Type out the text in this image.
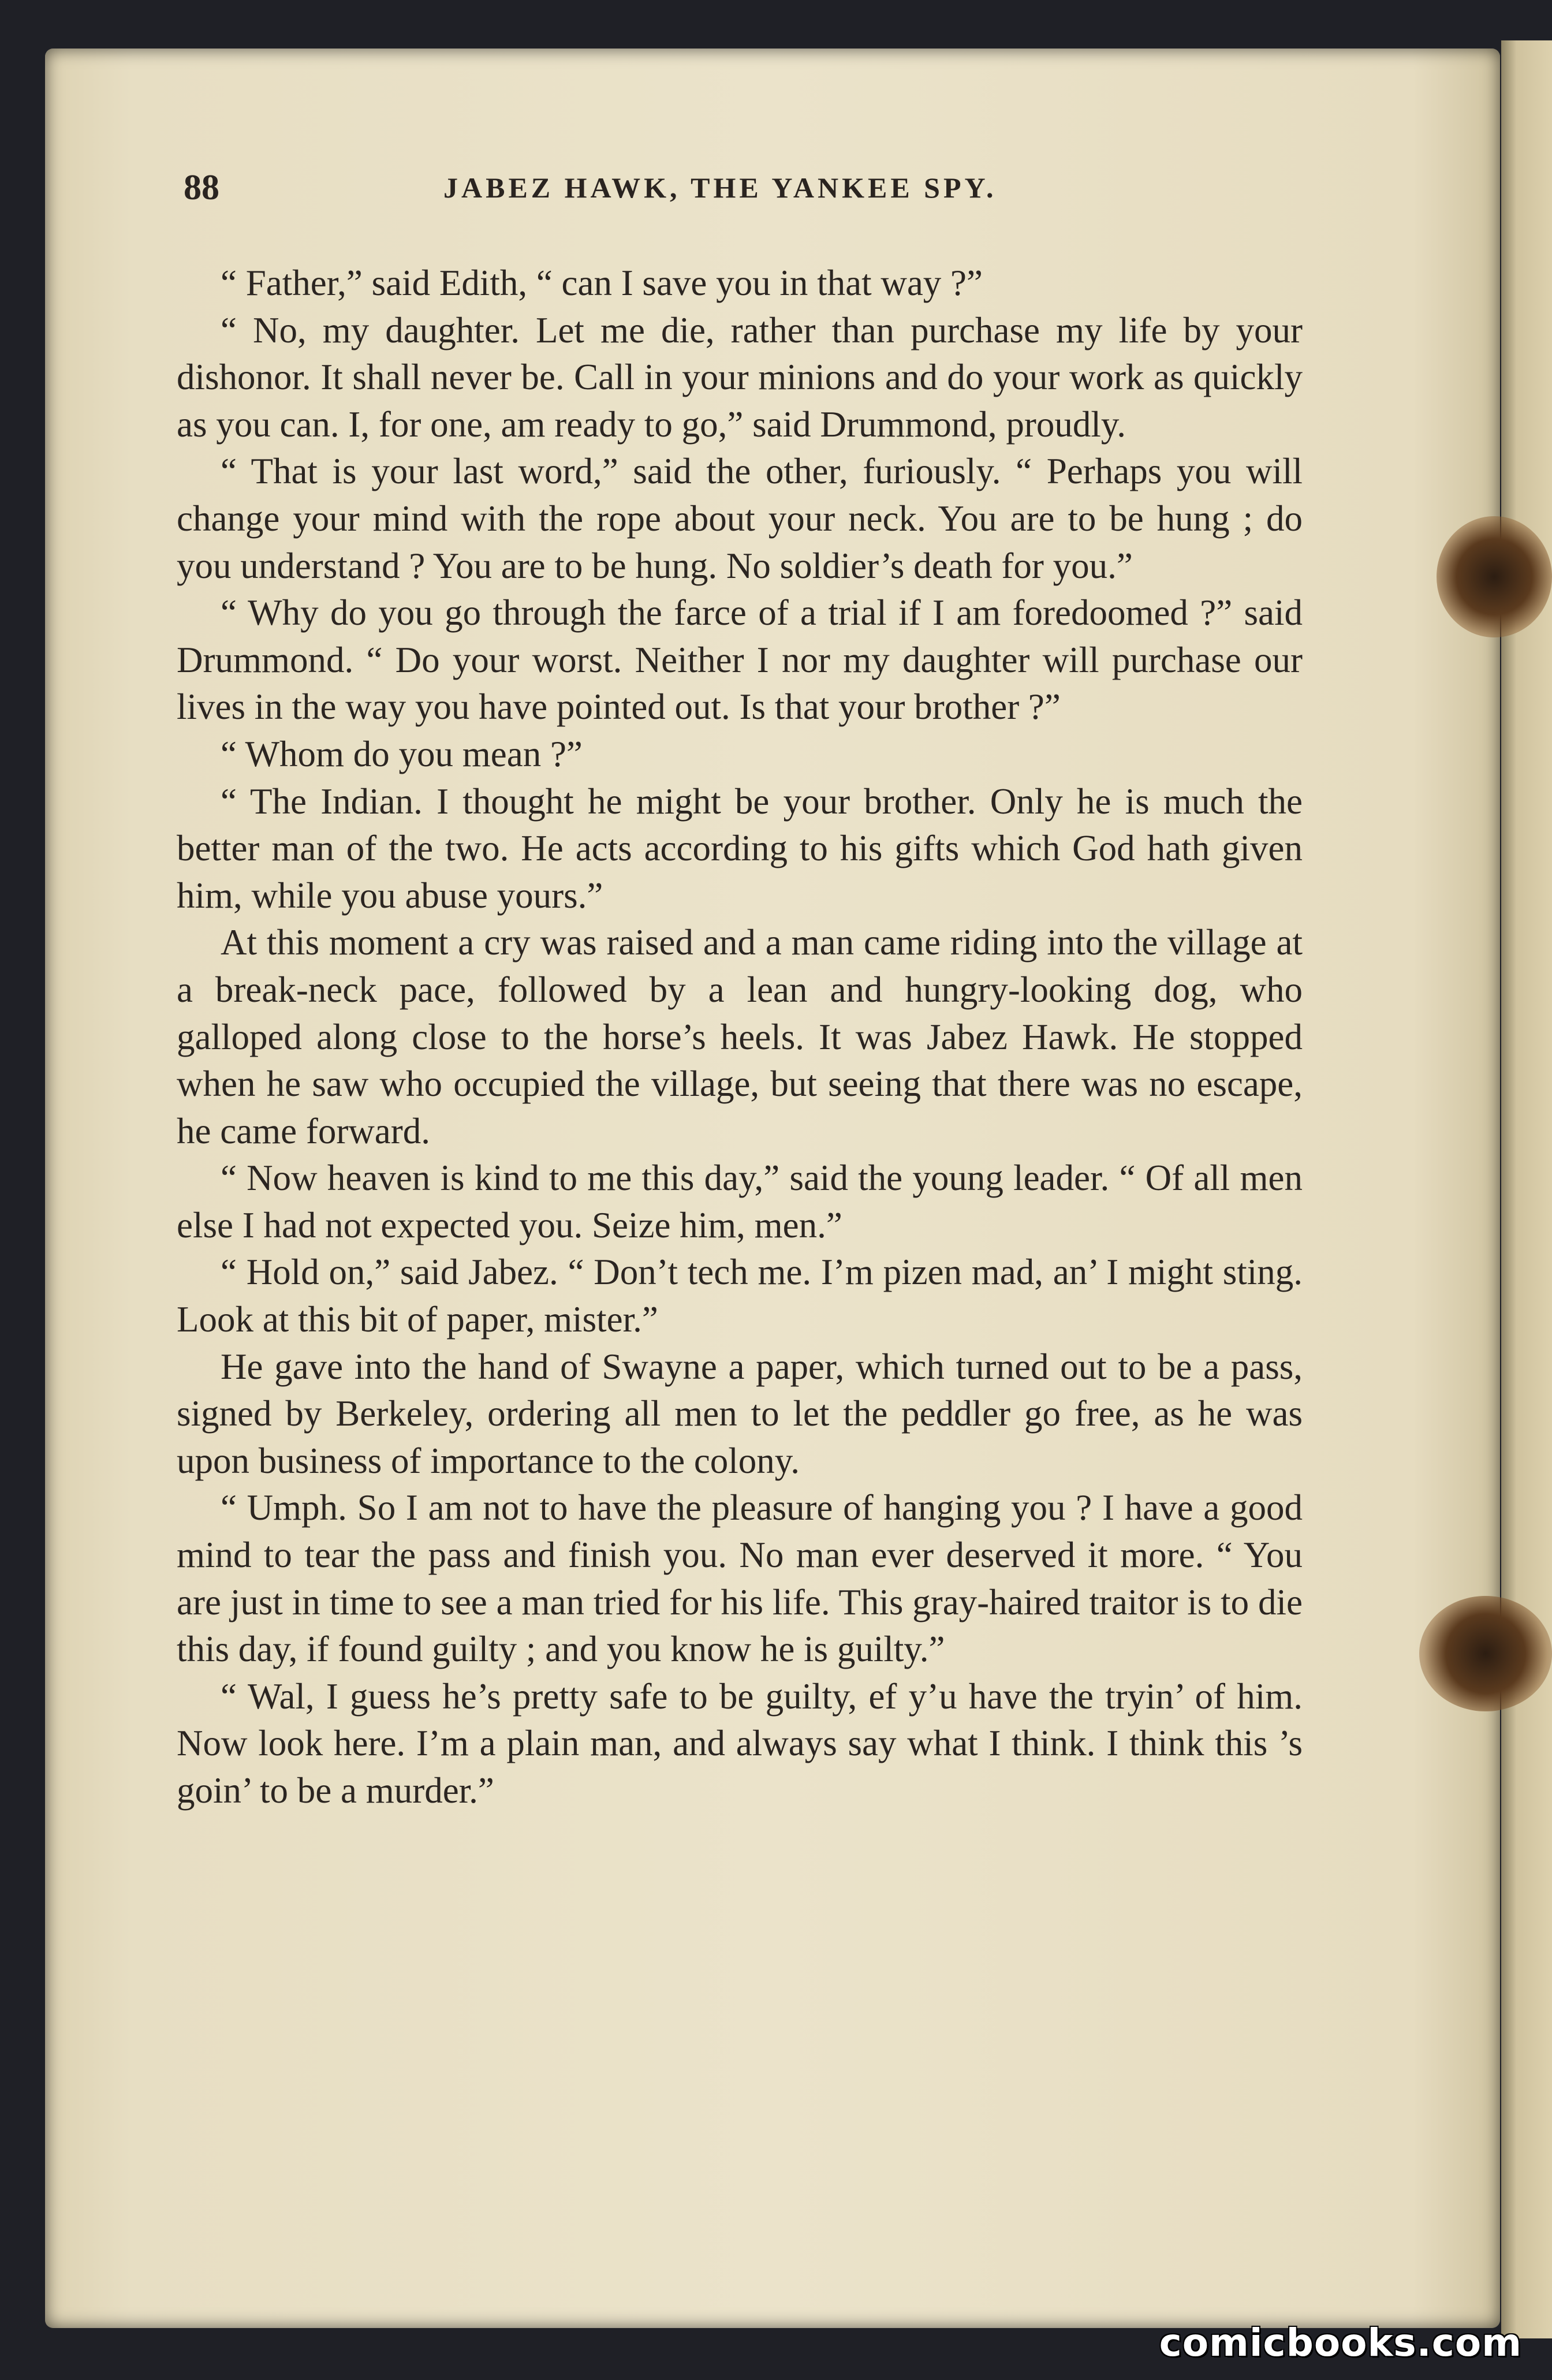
88	JABEZ HAWK, THE YANKEE SPY.

“ Father,” said Edith, “ can I save you in that way ?”

“ No, my daughter. Let me die, rather than purchase my life by your dishonor. It shall never be. Call in your minions and do your work as quickly as you can. I, for one, am ready to go,” said Drummond, proudly.

“ That is your last word,” said the other, furiously. “ Perhaps you will change your mind with the rope about your neck. You are to be hung ; do you understand ? You are to be hung. No soldier’s death for you.”

“ Why do you go through the farce of a trial if I am foredoomed ?” said Drummond. “ Do your worst. Neither I nor my daughter will purchase our lives in the way you have pointed out. Is that your brother ?”

“ Whom do you mean ?”

“ The Indian. I thought he might be your brother. Only he is much the better man of the two. He acts according to his gifts which God hath given him, while you abuse yours.”

At this moment a cry was raised and a man came riding into the village at a break-neck pace, followed by a lean and hungry-looking dog, who galloped along close to the horse’s heels. It was Jabez Hawk. He stopped when he saw who occupied the village, but seeing that there was no escape, he came forward.

“ Now heaven is kind to me this day,” said the young leader. “ Of all men else I had not expected you. Seize him, men.”

“ Hold on,” said Jabez. “ Don’t tech me. I’m pizen mad, an’ I might sting. Look at this bit of paper, mister.”

He gave into the hand of Swayne a paper, which turned out to be a pass, signed by Berkeley, ordering all men to let the peddler go free, as he was upon business of importance to the colony.

“ Umph. So I am not to have the pleasure of hanging you ? I have a good mind to tear the pass and finish you. No man ever deserved it more. “ You are just in time to see a man tried for his life. This gray-haired traitor is to die this day, if found guilty ; and you know he is guilty.”

“ Wal, I guess he’s pretty safe to be guilty, ef y’u have the tryin’ of him. Now look here. I’m a plain man, and always say what I think. I think this ’s goin’ to be a murder.”

comicbooks.com
